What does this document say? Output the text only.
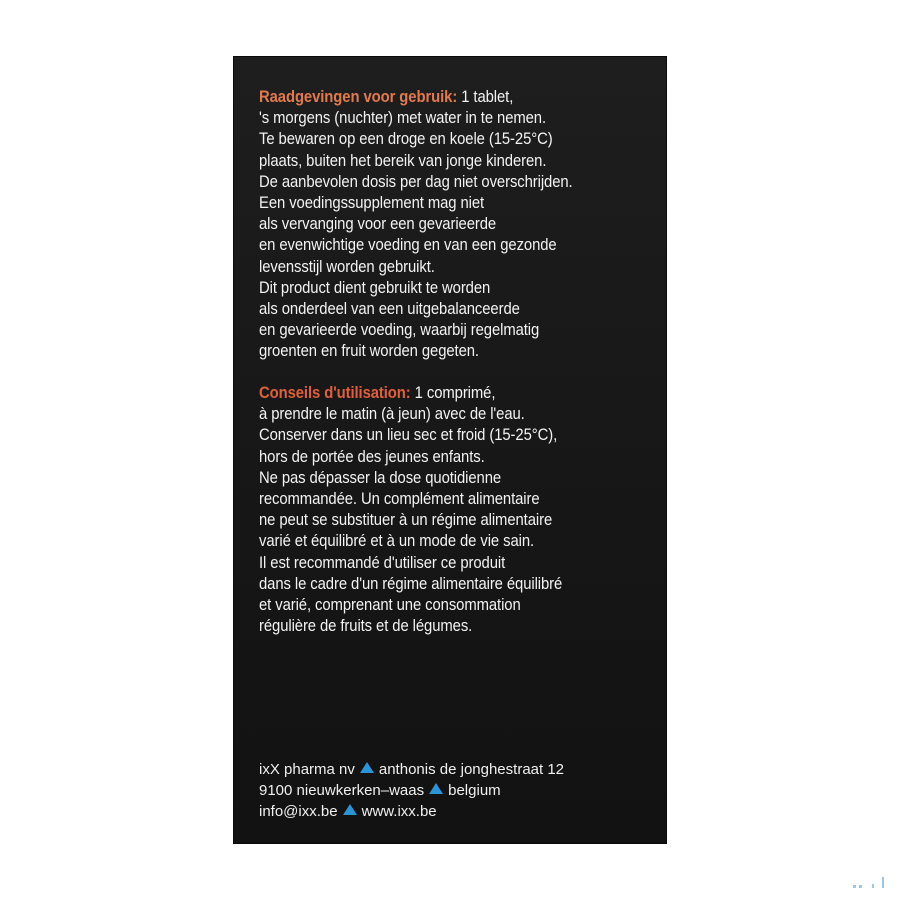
Raadgevingen voor gebruik: 1 tablet,
's morgens (nuchter) met water in te nemen.
Te bewaren op een droge en koele (15-25°C)
plaats, buiten het bereik van jonge kinderen.
De aanbevolen dosis per dag niet overschrijden.
Een voedingssupplement mag niet
als vervanging voor een gevarieerde
en evenwichtige voeding en van een gezonde
levensstijl worden gebruikt.
Dit product dient gebruikt te worden
als onderdeel van een uitgebalanceerde
en gevarieerde voeding, waarbij regelmatig
groenten en fruit worden gegeten.
Conseils d'utilisation: 1 comprimé,
à prendre le matin (à jeun) avec de l'eau.
Conserver dans un lieu sec et froid (15-25°C),
hors de portée des jeunes enfants.
Ne pas dépasser la dose quotidienne
recommandée. Un complément alimentaire
ne peut se substituer à un régime alimentaire
varié et équilibré et à un mode de vie sain.
Il est recommandé d'utiliser ce produit
dans le cadre d'un régime alimentaire équilibré
et varié, comprenant une consommation
régulière de fruits et de légumes.
ixX pharma nv anthonis de jonghestraat 12
9100 nieuwkerken–waas belgium
info@ixx.be www.ixx.be
